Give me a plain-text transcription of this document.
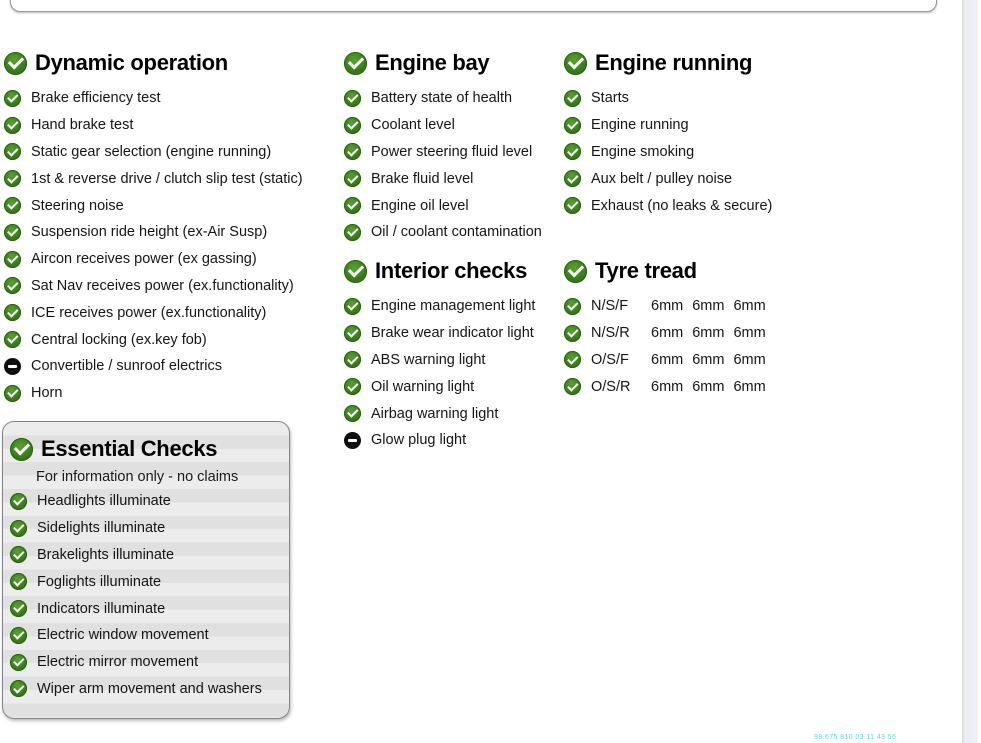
Dynamic operation
Brake efficiency test
Hand brake test
Static gear selection (engine running)
1st & reverse drive / clutch slip test (static)
Steering noise
Suspension ride height (ex-Air Susp)
Aircon receives power (ex gassing)
Sat Nav receives power (ex.functionality)
ICE receives power (ex.functionality)
Central locking (ex.key fob)
Convertible / sunroof electrics
Horn
Engine bay
Battery state of health
Coolant level
Power steering fluid level
Brake fluid level
Engine oil level
Oil / coolant contamination
Interior checks
Engine management light
Brake wear indicator light
ABS warning light
Oil warning light
Airbag warning light
Glow plug light
Engine running
Starts
Engine running
Engine smoking
Aux belt / pulley noise
Exhaust (no leaks & secure)
Tyre tread
N/S/F	6mm 6mm 6mm
N/S/R	6mm 6mm 6mm
O/S/F	6mm 6mm 6mm
O/S/R	6mm 6mm 6mm
Essential Checks
For information only - no claims
Headlights illuminate
Sidelights illuminate
Brakelights illuminate
Foglights illuminate
Indicators illuminate
Electric window movement
Electric mirror movement
Wiper arm movement and washers
98 675 810 03 11 43 56
